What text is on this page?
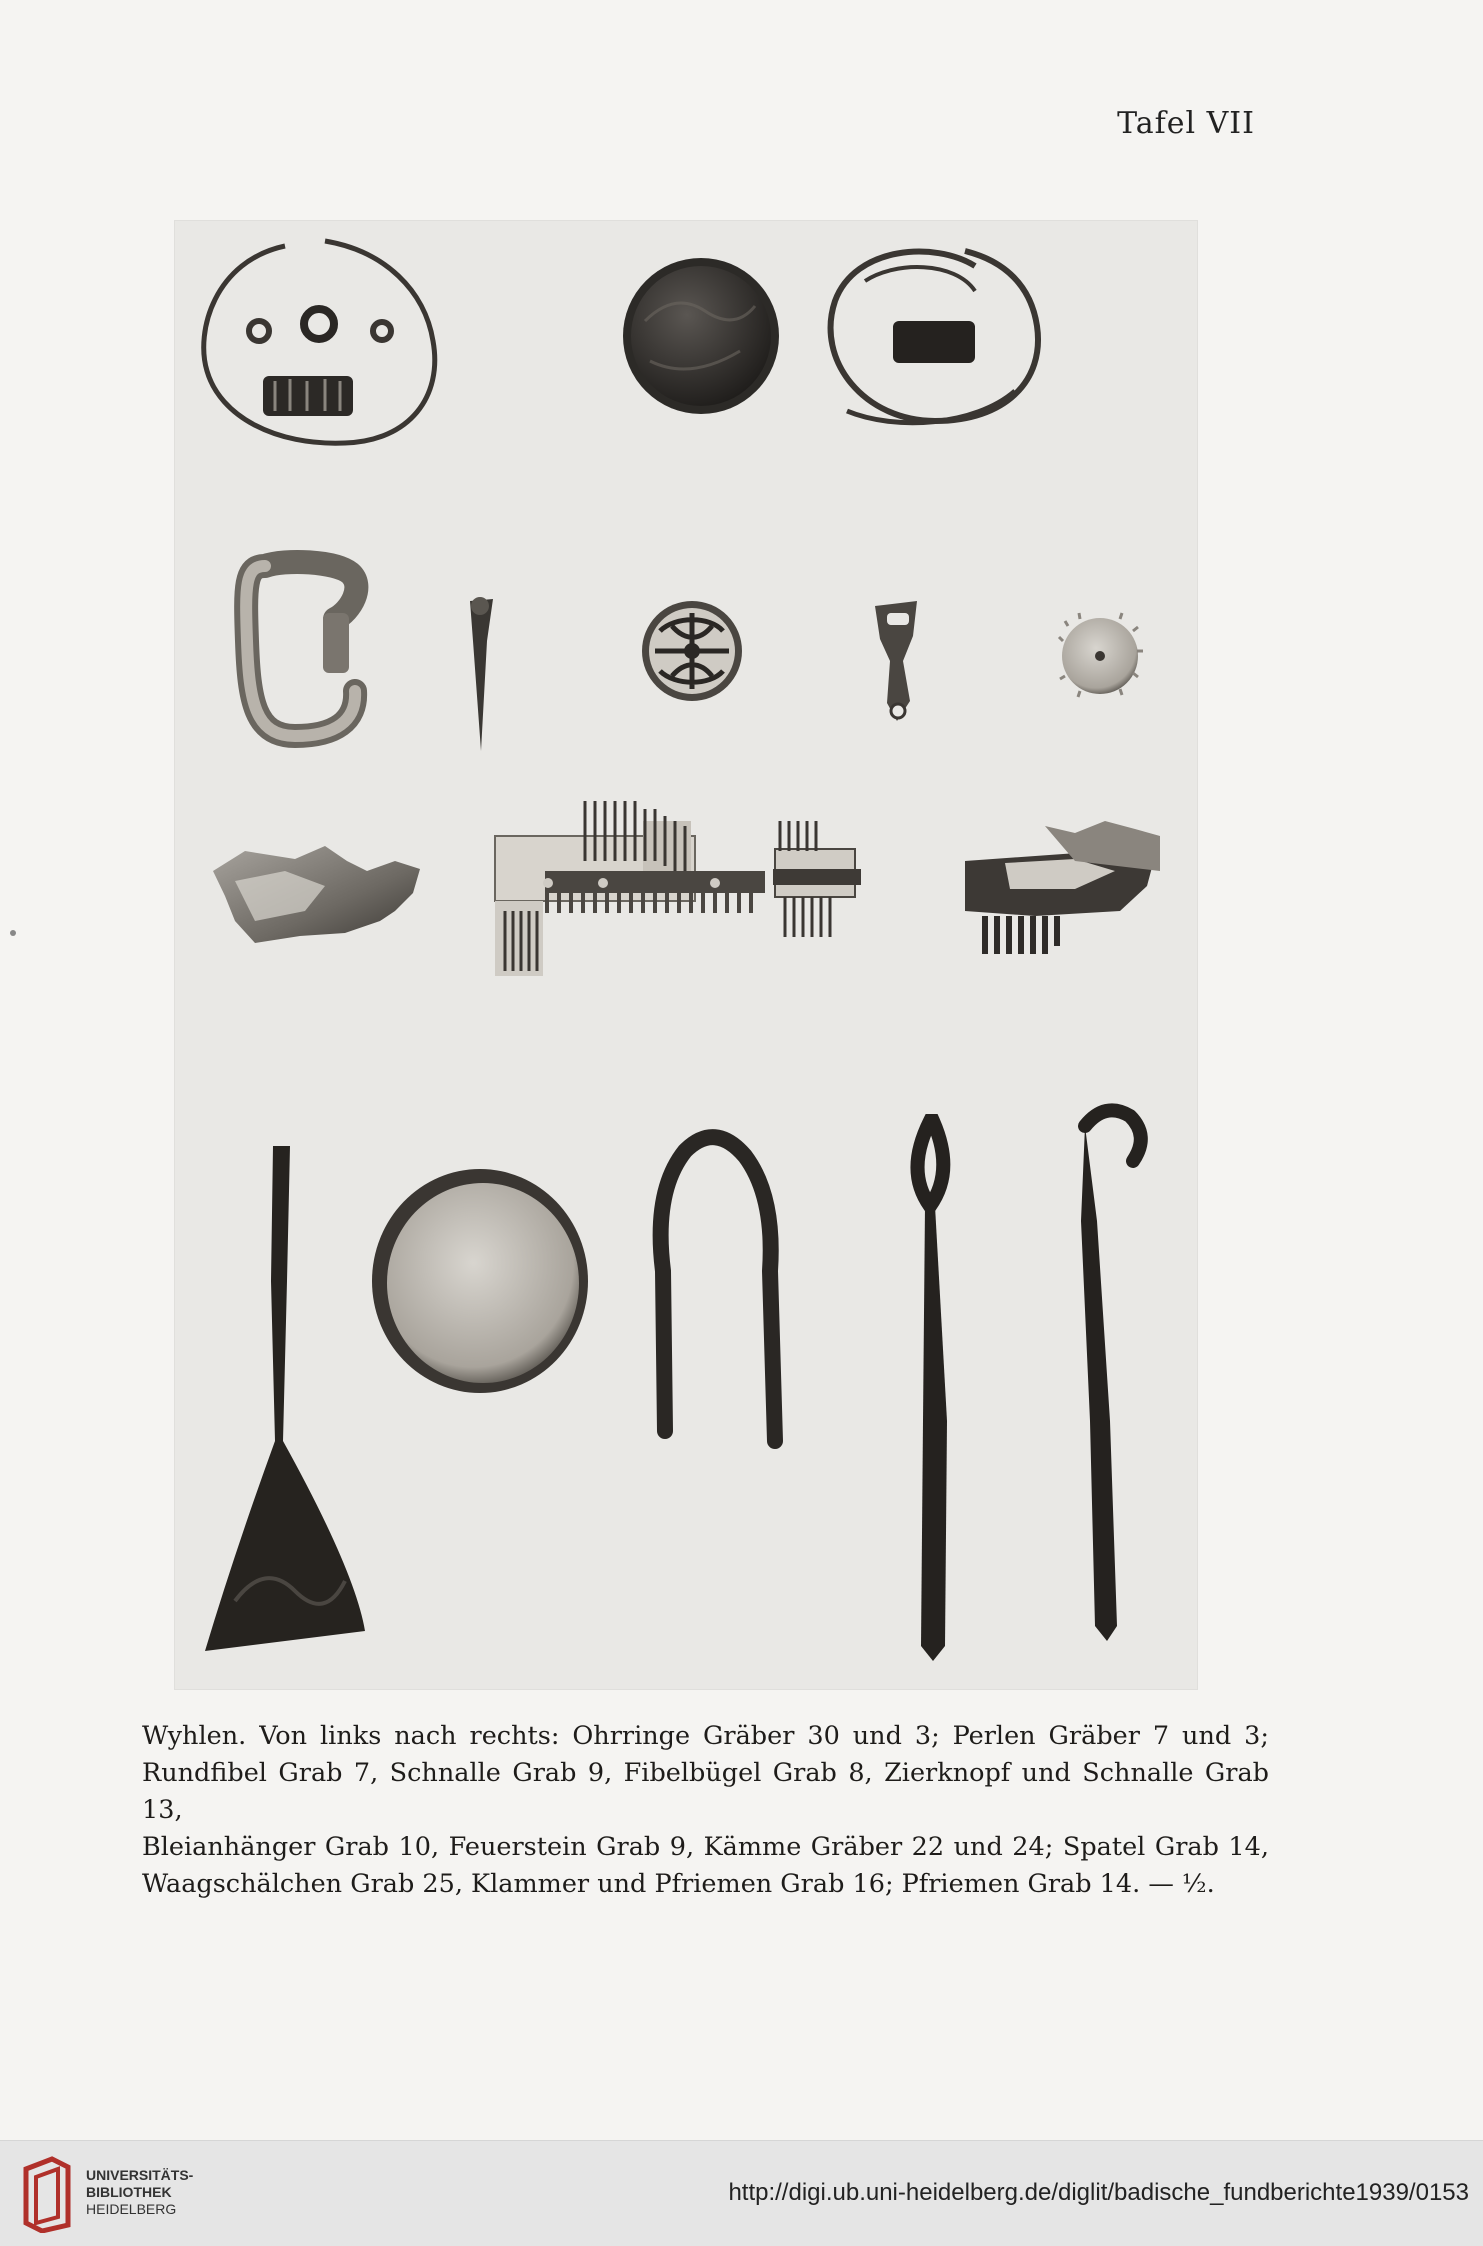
Tafel VII

Wyhlen. Von links nach rechts: Ohrringe Gräber 30 und 3; Perlen Gräber 7 und 3;

Rundfibel Grab 7, Schnalle Grab 9, Fibelbügel Grab 8, Zierknopf und Schnalle Grab 13,

Bleianhänger Grab 10, Feuerstein Grab 9, Kämme Gräber 22 und 24; Spatel Grab 14,

Waagschälchen Grab 25, Klammer und Pfriemen Grab 16; Pfriemen Grab 14. — ½.

UNIVERSITÄTS-
BIBLIOTHEK
HEIDELBERG
http://digi.ub.uni-heidelberg.de/diglit/badische_fundberichte1939/0153
